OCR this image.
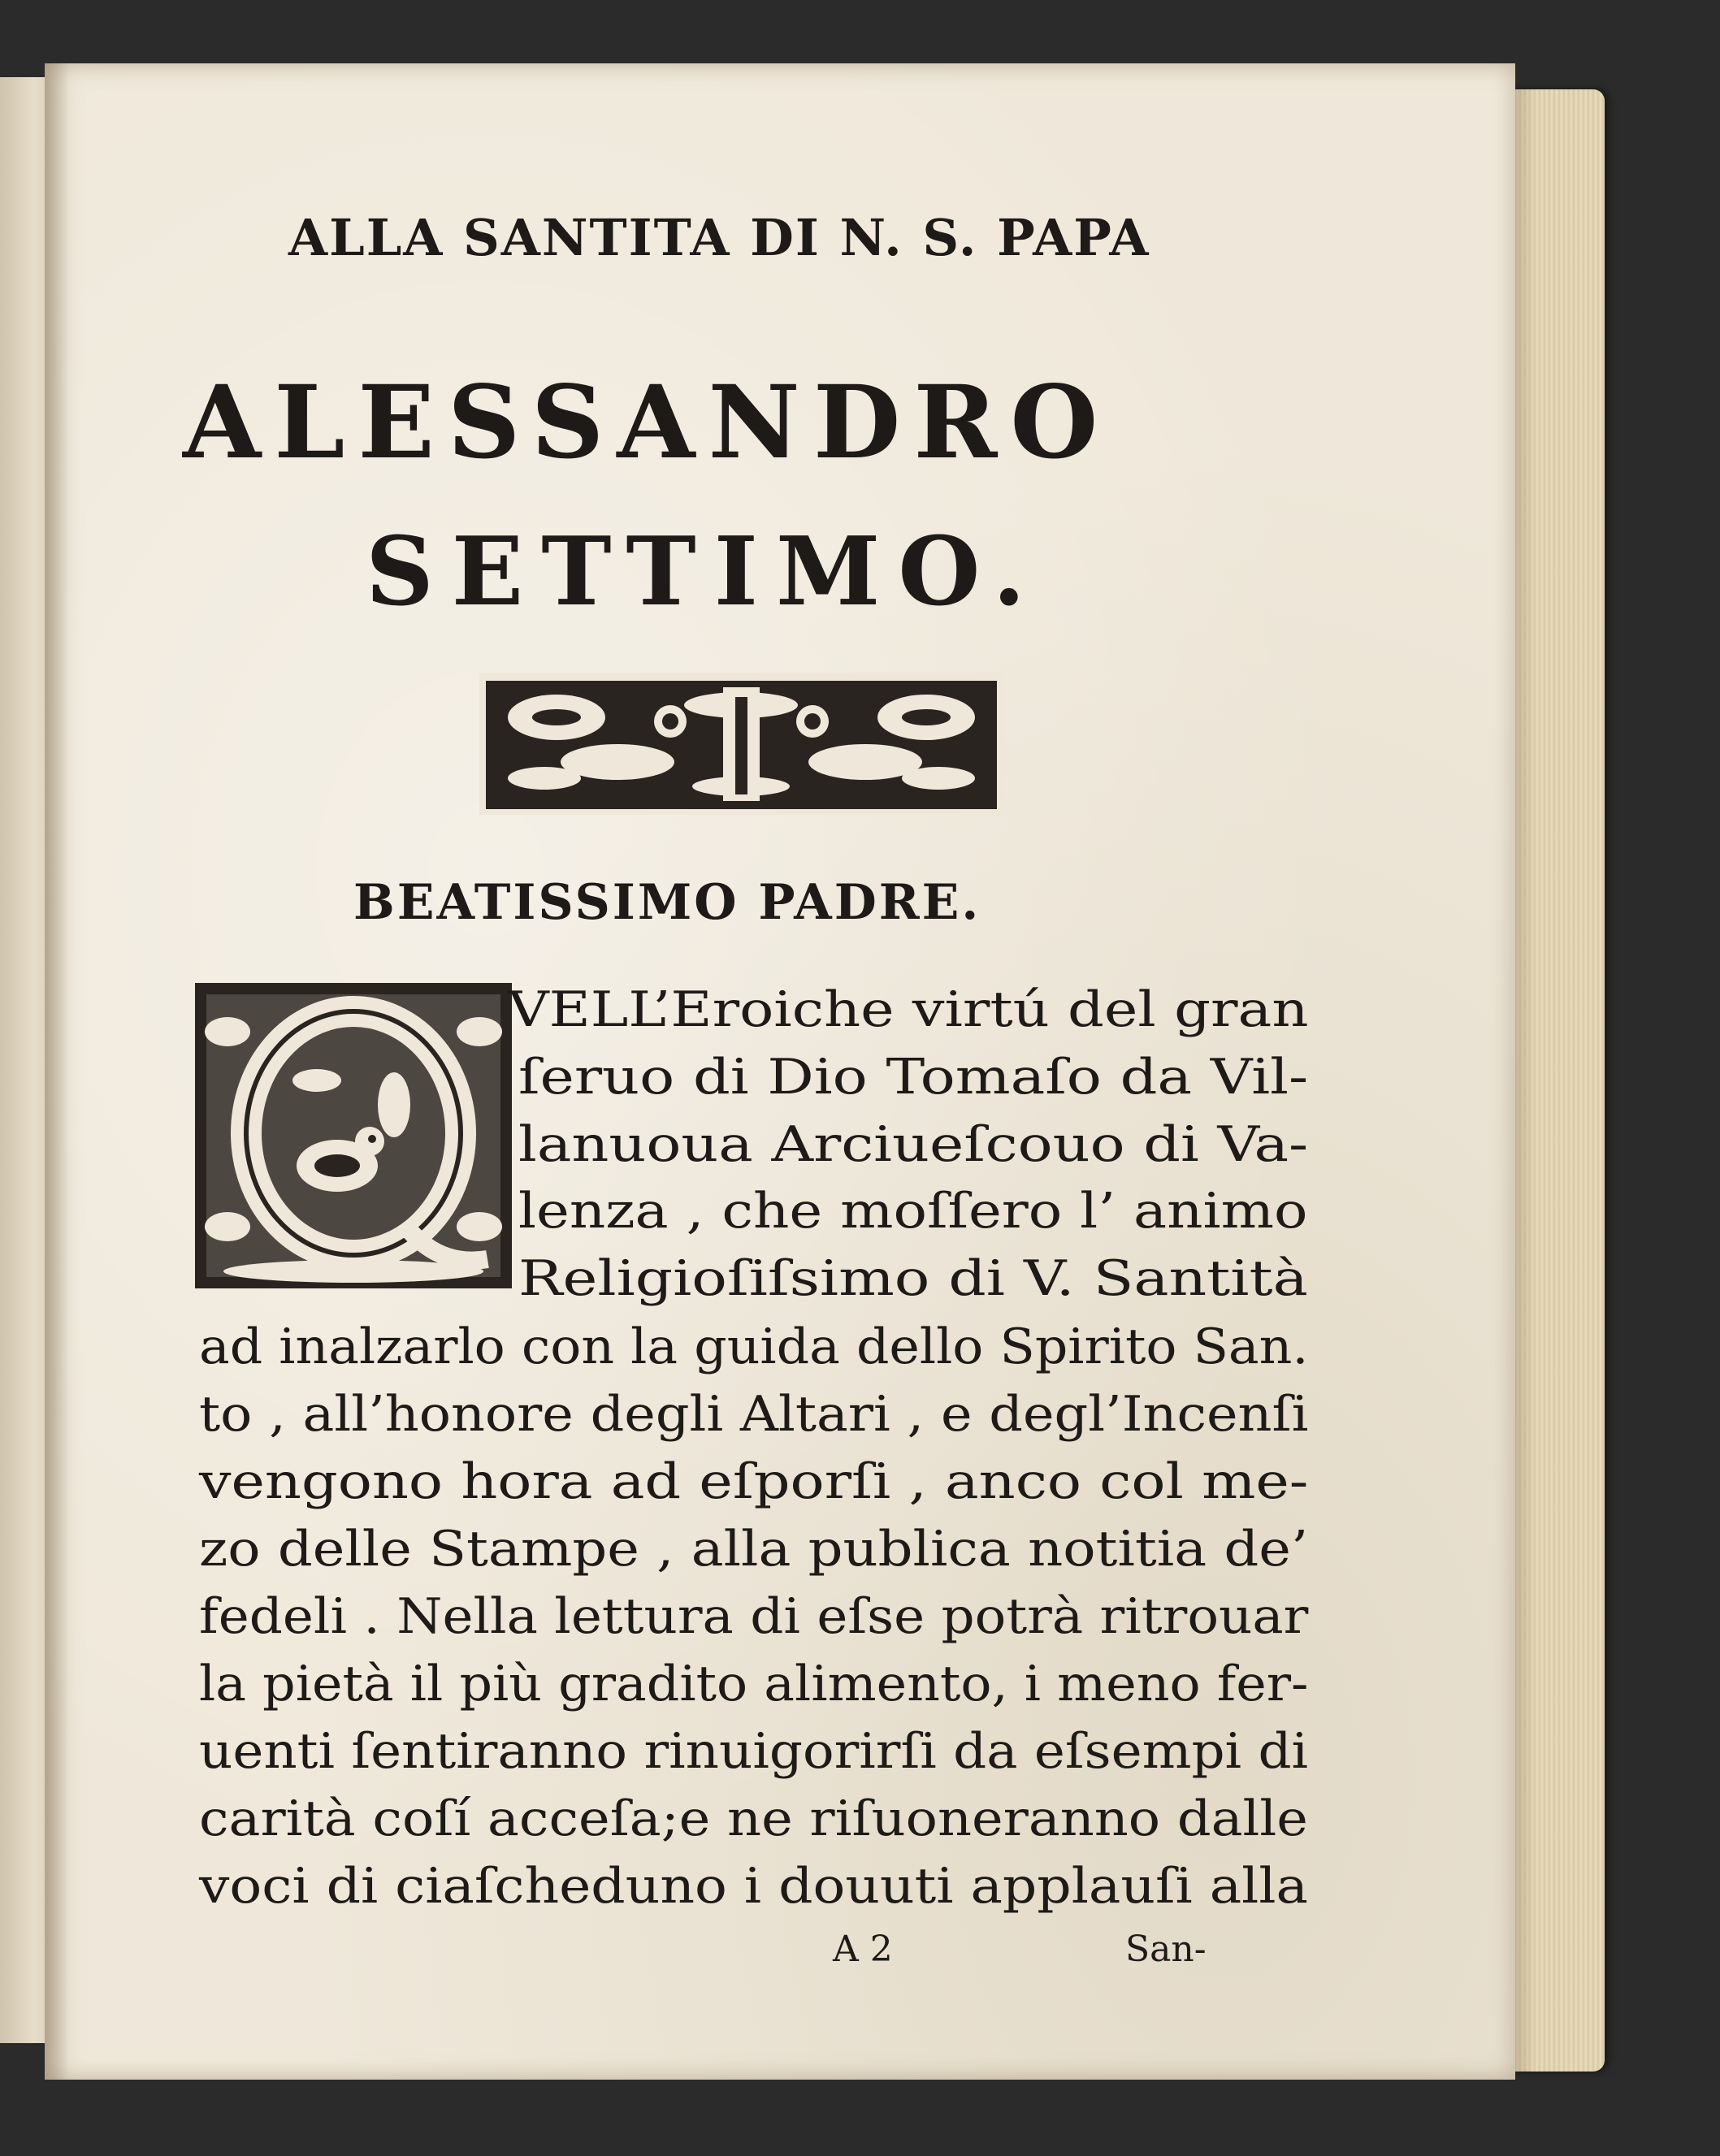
ALLA SANTITA DI N. S. PAPA
ALESSANDRO
SETTIMO.
BEATISSIMO PADRE.
Q
VELL’Eroiche virtú del gran
ſeruo di Dio Tomaſo da Vil-
lanuoua Arciueſcouo di Va-
lenza , che moſſero l’ animo
Religioſiſsimo di V. Santità
ad inalzarlo con la guida dello Spirito San.
to , all’honore degli Altari , e degl’Incenſi
vengono hora ad eſporſi , anco col me-
zo delle Stampe , alla publica notitia de’
fedeli . Nella lettura di eſse potrà ritrouar
la pietà il più gradito alimento, i meno fer-
uenti ſentiranno rinuigorirſi da eſsempi di
carità coſí acceſa;e ne riſuoneranno dalle
voci di ciaſcheduno i douuti applauſi alla
A 2	San-
